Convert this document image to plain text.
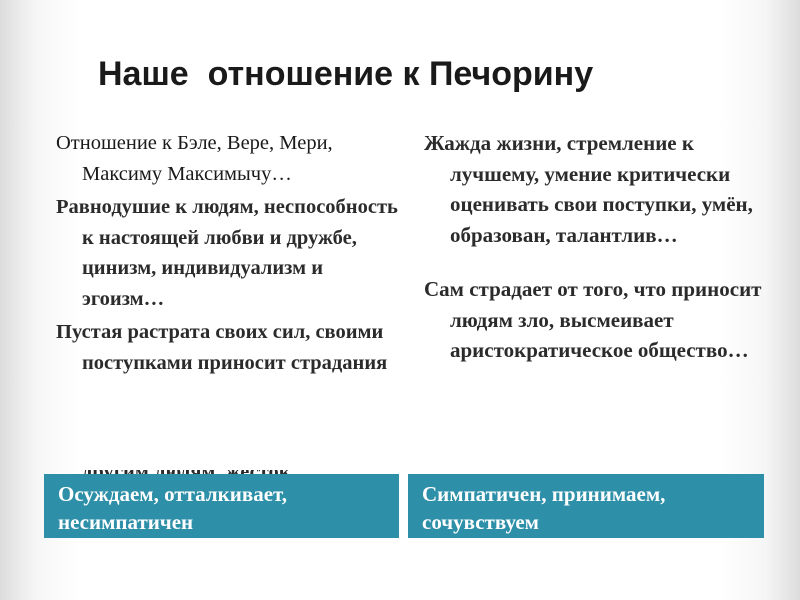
Наше  отношение к Печорину
Отношение к Бэле, Вере, Мери, Максиму Максимычу…
Равнодушие к людям, неспособность к настоящей любви и дружбе, цинизм, индивидуализм и эгоизм…
Пустая растрата своих сил, своими поступками приносит страдания
Жажда жизни, стремление к лучшему, умение критически оценивать свои поступки, умён, образован, талантлив…
Сам страдает от того, что приносит людям зло, высмеивает аристократическое общество…
Осуждаем, отталкивает, несимпатичен
Симпатичен, принимаем, сочувствуем
